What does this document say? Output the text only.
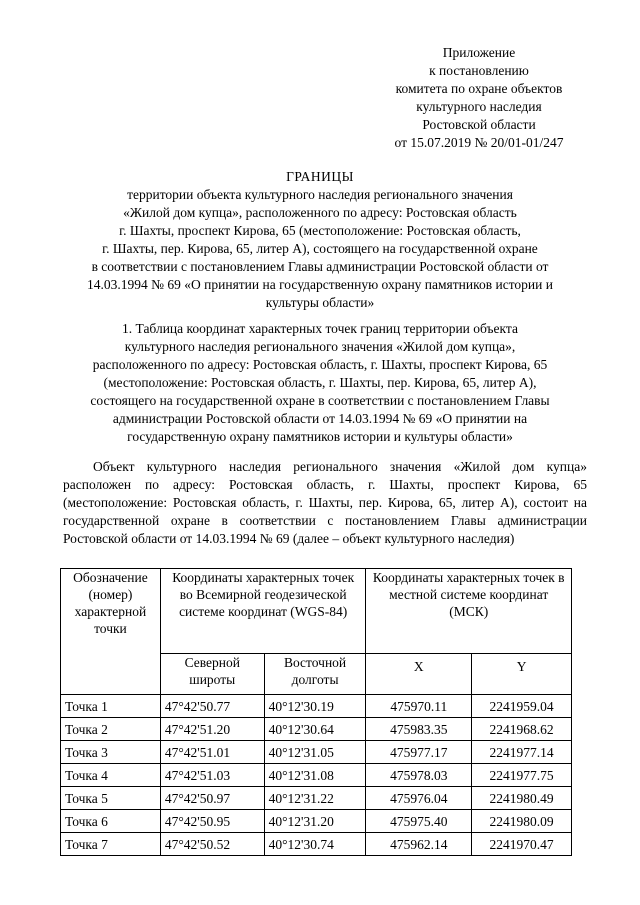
Приложение
к постановлению
комитета по охране объектов
культурного наследия
Ростовской области
от 15.07.2019 № 20/01-01/247
ГРАНИЦЫ
территории объекта культурного наследия регионального значения
«Жилой дом купца», расположенного по адресу: Ростовская область
г. Шахты, проспект Кирова, 65 (местоположение: Ростовская область,
г. Шахты, пер. Кирова, 65, литер А), состоящего на государственной охране
в соответствии с постановлением Главы администрации Ростовской области от
14.03.1994 № 69 «О принятии на государственную охрану памятников истории и
культуры области»
1. Таблица координат характерных точек границ территории объекта
культурного наследия регионального значения «Жилой дом купца»,
расположенного по адресу: Ростовская область, г. Шахты, проспект Кирова, 65
(местоположение: Ростовская область, г. Шахты, пер. Кирова, 65, литер А),
состоящего на государственной охране в соответствии с постановлением Главы
администрации Ростовской области от 14.03.1994 № 69 «О принятии на
государственную охрану памятников истории и культуры области»
Объект культурного наследия регионального значения «Жилой дом купца» расположен по адресу: Ростовская область, г. Шахты, проспект Кирова, 65 (местоположение: Ростовская область, г. Шахты, пер. Кирова, 65, литер А), состоит на государственной охране в соответствии с постановлением Главы администрации Ростовской области от 14.03.1994 № 69 (далее – объект культурного наследия)
Обозначение (номер) характерной точки	Координаты характерных точек во Всемирной геодезической системе координат (WGS-84)		Координаты характерных точек в местной системе координат (МСК)	
	Северной широты	Восточной долготы	X	Y
Точка 1	47°42'50.77	40°12'30.19	475970.11	2241959.04
Точка 2	47°42'51.20	40°12'30.64	475983.35	2241968.62
Точка 3	47°42'51.01	40°12'31.05	475977.17	2241977.14
Точка 4	47°42'51.03	40°12'31.08	475978.03	2241977.75
Точка 5	47°42'50.97	40°12'31.22	475976.04	2241980.49
Точка 6	47°42'50.95	40°12'31.20	475975.40	2241980.09
Точка 7	47°42'50.52	40°12'30.74	475962.14	2241970.47
